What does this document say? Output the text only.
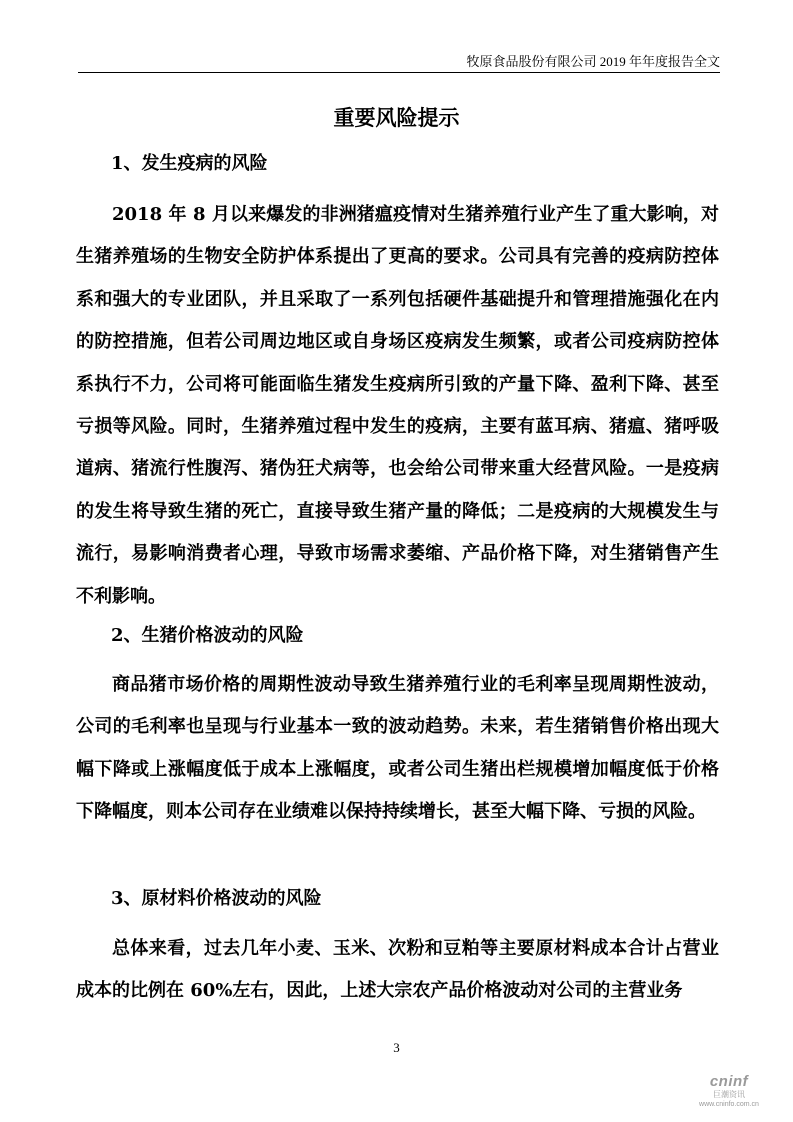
牧原食品股份有限公司 2019 年年度报告全文
重要风险提示
1、发生疫病的风险
2018 年 8 月以来爆发的非洲猪瘟疫情对生猪养殖行业产生了重大影响，对生猪养殖场的生物安全防护体系提出了更高的要求。公司具有完善的疫病防控体系和强大的专业团队，并且采取了一系列包括硬件基础提升和管理措施强化在内的防控措施，但若公司周边地区或自身场区疫病发生频繁，或者公司疫病防控体系执行不力，公司将可能面临生猪发生疫病所引致的产量下降、盈利下降、甚至亏损等风险。同时，生猪养殖过程中发生的疫病，主要有蓝耳病、猪瘟、猪呼吸道病、猪流行性腹泻、猪伪狂犬病等，也会给公司带来重大经营风险。一是疫病的发生将导致生猪的死亡，直接导致生猪产量的降低；二是疫病的大规模发生与流行，易影响消费者心理，导致市场需求萎缩、产品价格下降，对生猪销售产生不利影响。
2、生猪价格波动的风险
商品猪市场价格的周期性波动导致生猪养殖行业的毛利率呈现周期性波动，公司的毛利率也呈现与行业基本一致的波动趋势。未来，若生猪销售价格出现大幅下降或上涨幅度低于成本上涨幅度，或者公司生猪出栏规模增加幅度低于价格下降幅度，则本公司存在业绩难以保持持续增长，甚至大幅下降、亏损的风险。
3、原材料价格波动的风险
总体来看，过去几年小麦、玉米、次粉和豆粕等主要原材料成本合计占营业成本的比例在 60%左右，因此，上述大宗农产品价格波动对公司的主营业务
3
cninf
巨潮资讯
www.cninfo.com.cn
